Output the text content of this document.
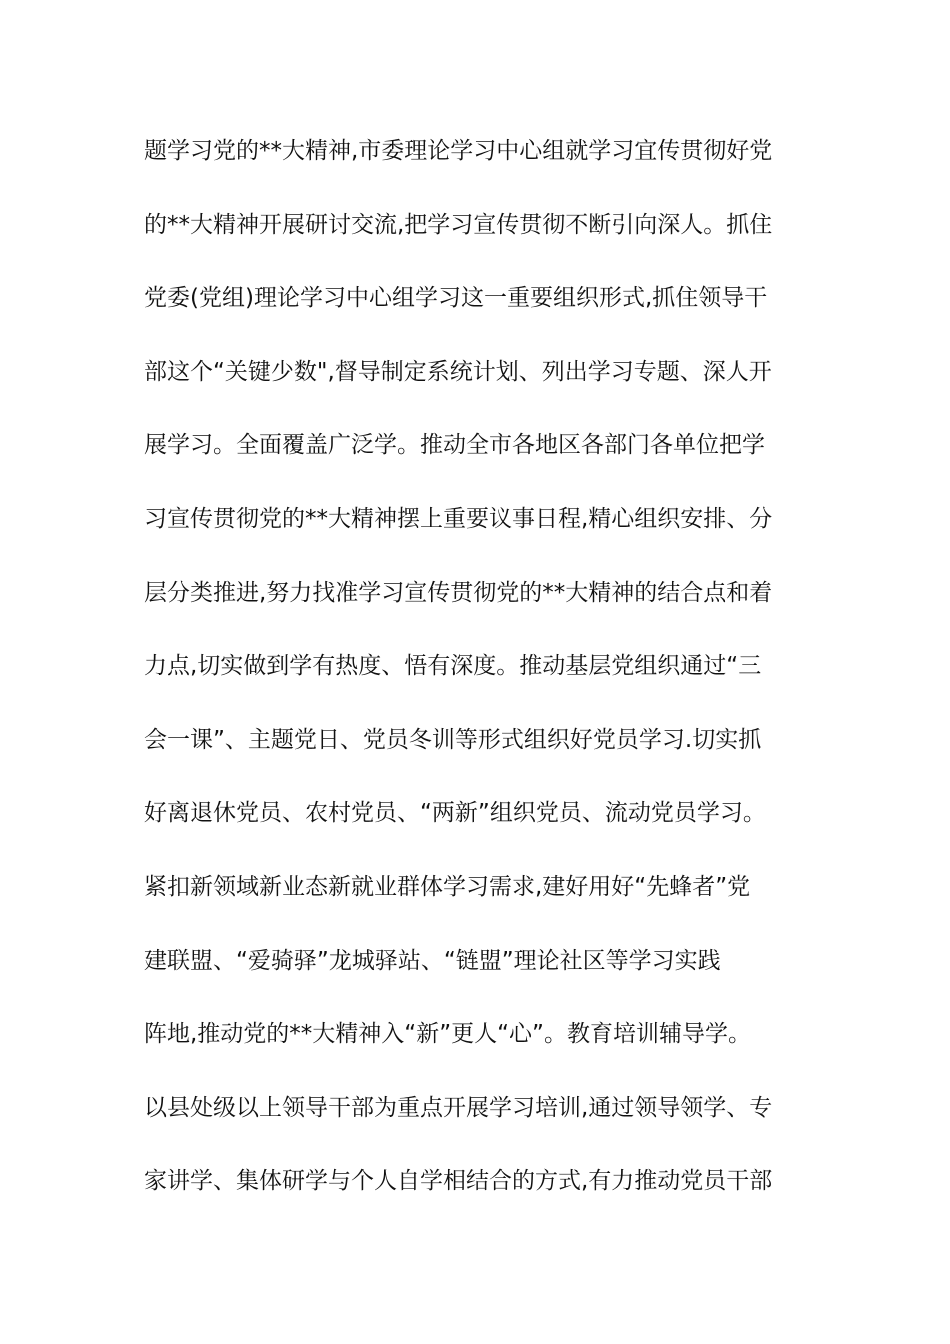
题学习党的**大精神,市委理论学习中心组就学习宜传贯彻好党
的**大精神开展研讨交流,把学习宣传贯彻不断引向深人。抓住
党委(党组)理论学习中心组学习这一重要组织形式,抓住领导干
部这个“关键少数",督导制定系统计划、列出学习专题、深人开
展学习。全面覆盖广泛学。推动全市各地区各部门各单位把学
习宣传贯彻党的**大精神摆上重要议事日程,精心组织安排、分
层分类推进,努力找准学习宣传贯彻党的**大精神的结合点和着
力点,切实做到学有热度、悟有深度。推动基层党组织通过“三
会一课”、主题党日、党员冬训等形式组织好党员学习.切实抓
好离退休党员、农村党员、“两新”组织党员、流动党员学习。
紧扣新领域新业态新就业群体学习需求,建好用好“先蜂者”党
建联盟、“爱骑驿”龙城驿站、“链盟”理论社区等学习实践
阵地,推动党的**大精神入“新”更人“心”。教育培训辅导学。
以县处级以上领导干部为重点开展学习培训,通过领导领学、专
家讲学、集体研学与个人自学相结合的方式,有力推动党员干部
